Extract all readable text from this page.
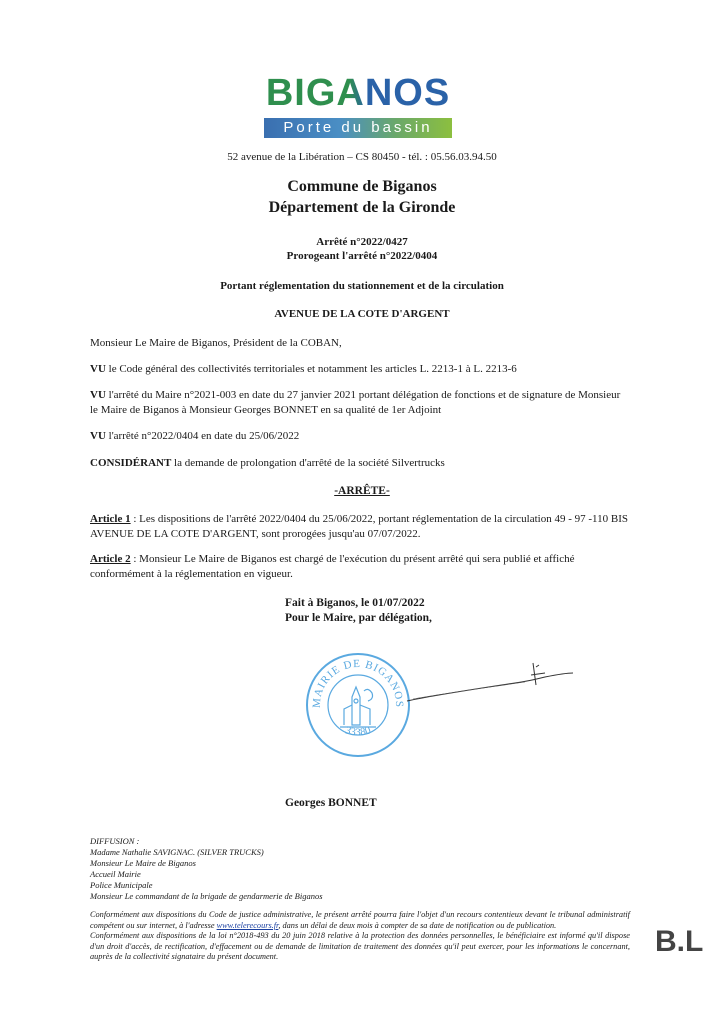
BIGANOS
Porte du bassin
52 avenue de la Libération – CS 80450 - tél. : 05.56.03.94.50
Commune de Biganos
Département de la Gironde
Arrêté n°2022/0427
Prorogeant l'arrêté n°2022/0404
Portant réglementation du stationnement et de la circulation
AVENUE DE LA COTE D'ARGENT
Monsieur Le Maire de Biganos, Président de la COBAN,
VU le Code général des collectivités territoriales et notamment les articles L. 2213-1 à L. 2213-6
VU l'arrêté du Maire n°2021-003 en date du 27 janvier 2021 portant délégation de fonctions et de signature de Monsieur le Maire de Biganos à Monsieur Georges BONNET en sa qualité de 1er Adjoint
VU l'arrêté n°2022/0404 en date du 25/06/2022
CONSIDÉRANT la demande de prolongation d'arrêté de la société Silvertrucks
-ARRÊTE-
Article 1 : Les dispositions de l'arrêté 2022/0404 du 25/06/2022, portant réglementation de la circulation 49 - 97 -110 BIS AVENUE DE LA COTE D'ARGENT, sont prorogées jusqu'au 07/07/2022.
Article 2 : Monsieur Le Maire de Biganos est chargé de l'exécution du présent arrêté qui sera publié et affiché conformément à la réglementation en vigueur.
Fait à Biganos, le 01/07/2022
Pour le Maire, par délégation,
MAIRIE DE BIGANOS
33380
Georges BONNET
DIFFUSION :
Madame Nathalie SAVIGNAC. (SILVER TRUCKS)
Monsieur Le Maire de Biganos
Accueil Mairie
Police Municipale
Monsieur Le commandant de la brigade de gendarmerie de Biganos
Conformément aux dispositions du Code de justice administrative, le présent arrêté pourra faire l'objet d'un recours contentieux devant le tribunal administratif compétent ou sur internet, à l'adresse www.telerecours.fr, dans un délai de deux mois à compter de sa date de notification ou de publication.
Conformément aux dispositions de la loi n°2018-493 du 20 juin 2018 relative à la protection des données personnelles, le bénéficiaire est informé qu'il dispose d'un droit d'accès, de rectification, d'effacement ou de demande de limitation de traitement des données qu'il peut exercer, pour les informations le concernant, auprès de la collectivité signataire du présent document.	B.L
